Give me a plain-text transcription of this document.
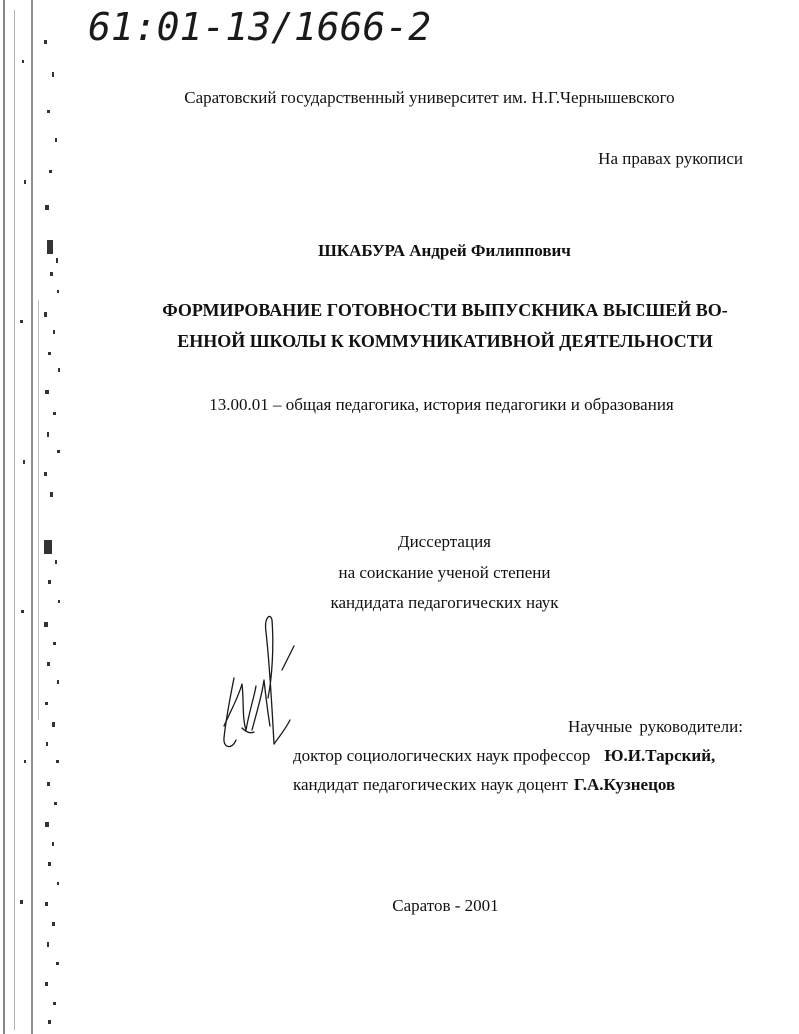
61:01-13/1666-2
Саратовский государственный университет им. Н.Г.Чернышевского
На правах рукописи
ШКАБУРА Андрей Филиппович
ФОРМИРОВАНИЕ ГОТОВНОСТИ ВЫПУСКНИКА ВЫСШЕЙ ВО-
ЕННОЙ ШКОЛЫ К КОММУНИКАТИВНОЙ ДЕЯТЕЛЬНОСТИ
13.00.01 – общая педагогика, история педагогики и образования
Диссертация
на соискание ученой степени
кандидата педагогических наук
Научные руководители:
доктор социологических наук профессор Ю.И.Тарский,
кандидат педагогических наук доцент Г.А.Кузнецов
Саратов - 2001
